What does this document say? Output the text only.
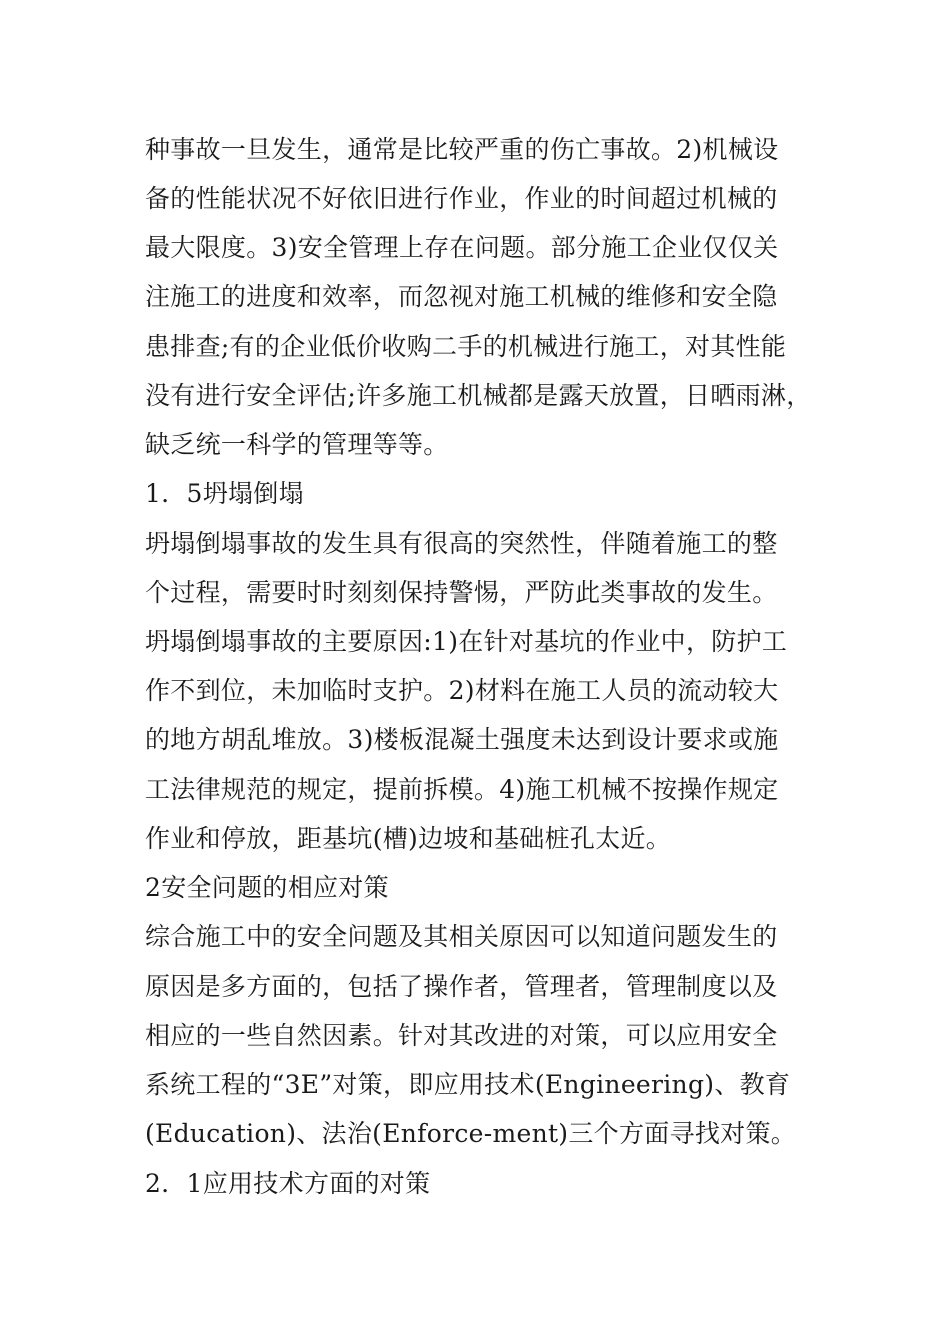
种事故一旦发生，通常是比较严重的伤亡事故。2)机械设

备的性能状况不好依旧进行作业，作业的时间超过机械的

最大限度。3)安全管理上存在问题。部分施工企业仅仅关

注施工的进度和效率，而忽视对施工机械的维修和安全隐

患排查;有的企业低价收购二手的机械进行施工，对其性能

没有进行安全评估;许多施工机械都是露天放置，日晒雨淋，

缺乏统一科学的管理等等。

1．5坍塌倒塌

坍塌倒塌事故的发生具有很高的突然性，伴随着施工的整

个过程，需要时时刻刻保持警惕，严防此类事故的发生。

坍塌倒塌事故的主要原因:1)在针对基坑的作业中，防护工

作不到位，未加临时支护。2)材料在施工人员的流动较大

的地方胡乱堆放。3)楼板混凝土强度未达到设计要求或施

工法律规范的规定，提前拆模。4)施工机械不按操作规定

作业和停放，距基坑(槽)边坡和基础桩孔太近。

2安全问题的相应对策

综合施工中的安全问题及其相关原因可以知道问题发生的

原因是多方面的，包括了操作者，管理者，管理制度以及

相应的一些自然因素。针对其改进的对策，可以应用安全

系统工程的“3E”对策，即应用技术(Engineering)、教育

(Education)、法治(Enforce-ment)三个方面寻找对策。

2．1应用技术方面的对策
